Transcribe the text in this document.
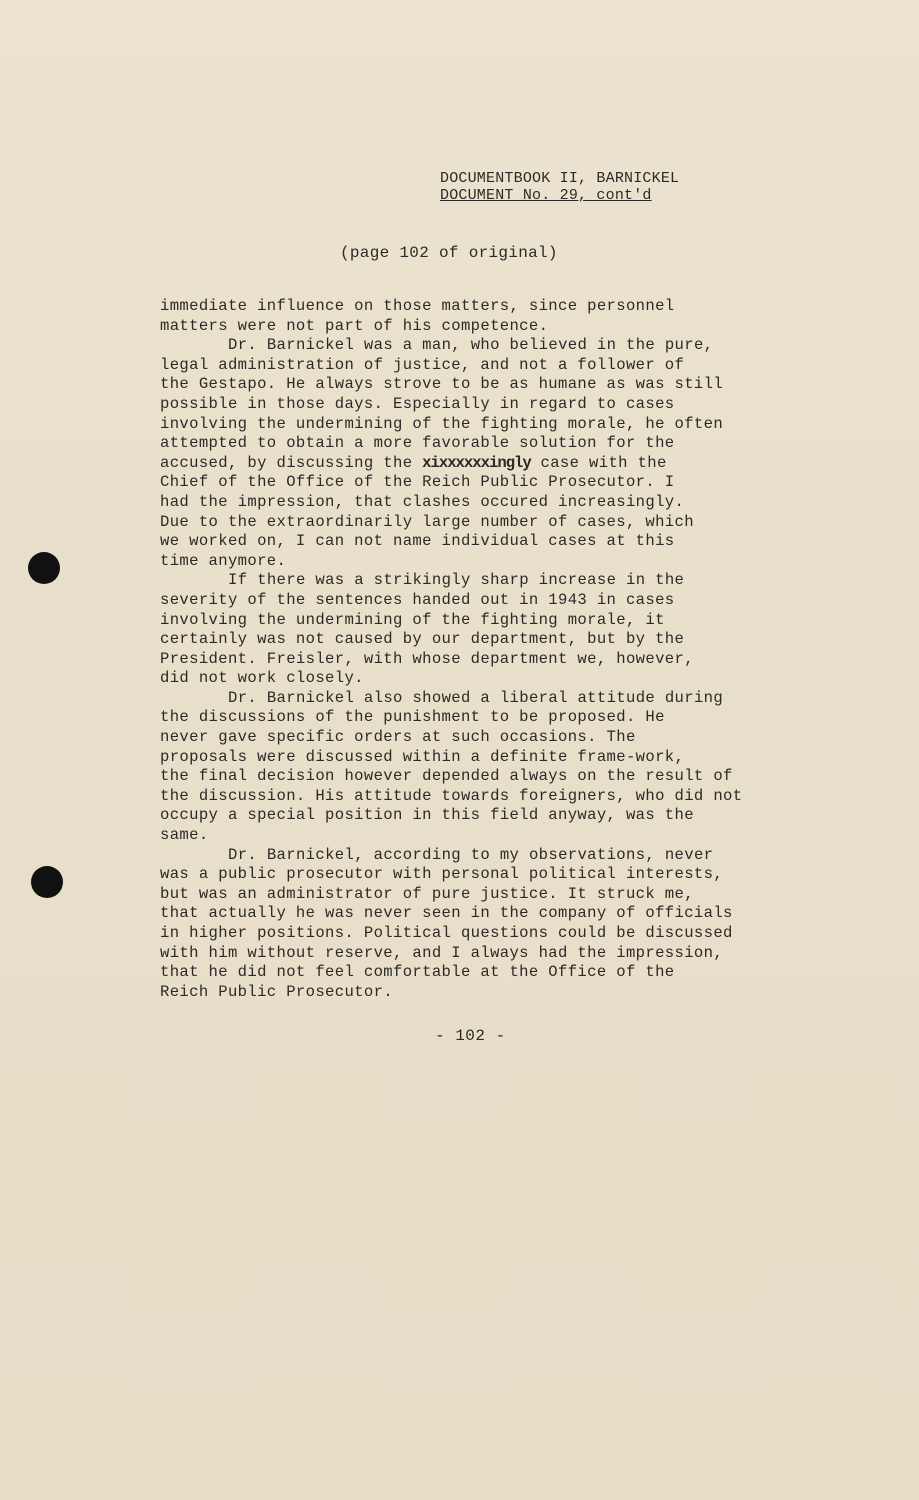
DOCUMENTBOOK II, BARNICKEL
DOCUMENT No. 29, cont'd
(page 102 of original)

immediate influence on those matters, since personnel
matters were not part of his competence.

Dr. Barnickel was a man, who believed in the pure,
legal administration of justice, and not a follower of
the Gestapo. He always strove to be as humane as was still
possible in those days. Especially in regard to cases
involving the undermining of the fighting morale, he often
attempted to obtain a more favorable solution for the
accused, by discussing the xixxxxxxingly case with the
Chief of the Office of the Reich Public Prosecutor. I
had the impression, that clashes occured increasingly.
Due to the extraordinarily large number of cases, which
we worked on, I can not name individual cases at this
time anymore.

If there was a strikingly sharp increase in the
severity of the sentences handed out in 1943 in cases
involving the undermining of the fighting morale, it
certainly was not caused by our department, but by the
President. Freisler, with whose department we, however,
did not work closely.

Dr. Barnickel also showed a liberal attitude during
the discussions of the punishment to be proposed. He
never gave specific orders at such occasions. The
proposals were discussed within a definite frame-work,
the final decision however depended always on the result of
the discussion. His attitude towards foreigners, who did not
occupy a special position in this field anyway, was the
same.

Dr. Barnickel, according to my observations, never
was a public prosecutor with personal political interests,
but was an administrator of pure justice. It struck me,
that actually he was never seen in the company of officials
in higher positions. Political questions could be discussed
with him without reserve, and I always had the impression,
that he did not feel comfortable at the Office of the
Reich Public Prosecutor.

- 102 -
